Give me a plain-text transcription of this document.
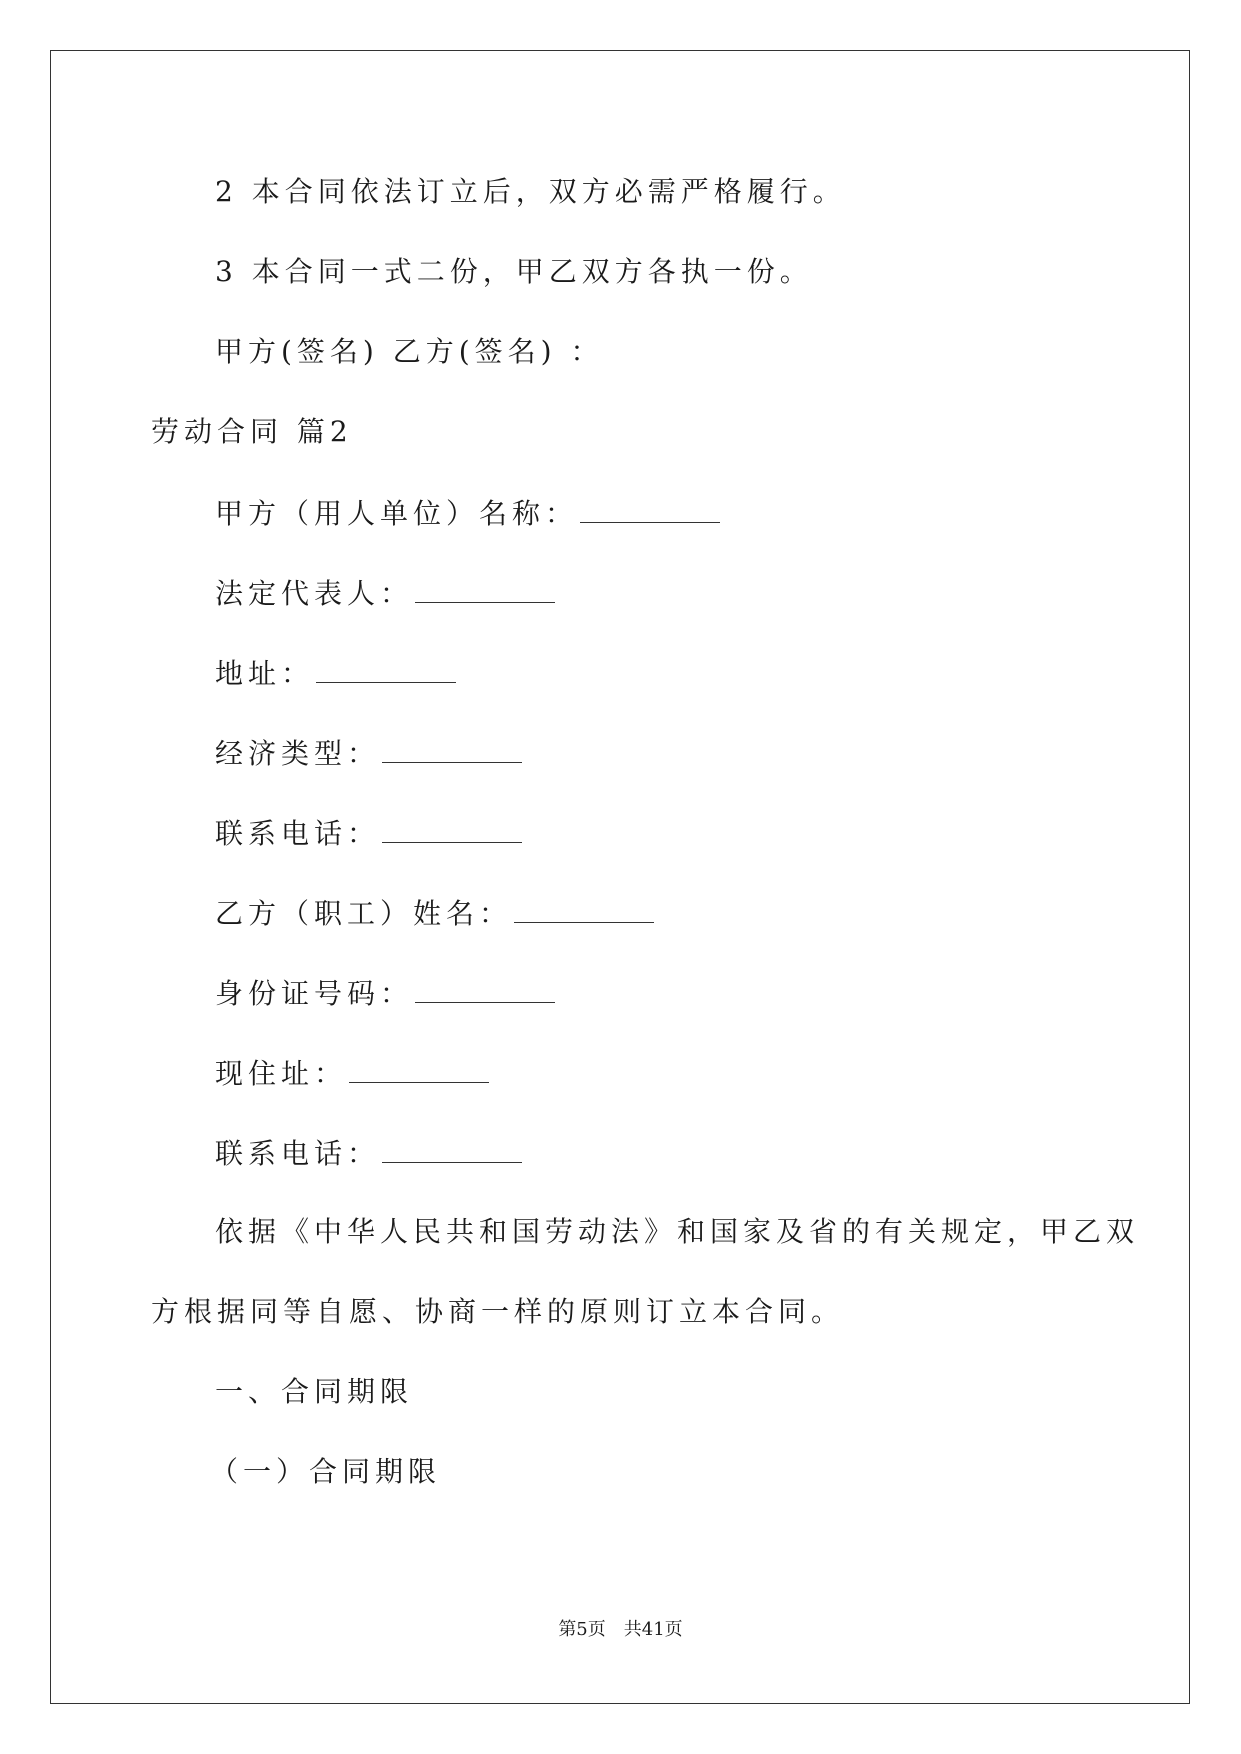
2 本合同依法订立后，双方必需严格履行。
3 本合同一式二份，甲乙双方各执一份。
甲方(签名) 乙方(签名) ：
劳动合同 篇2
甲方（用人单位）名称：
法定代表人：
地址：
经济类型：
联系电话：
乙方（职工）姓名：
身份证号码：
现住址：
联系电话：
依据《中华人民共和国劳动法》和国家及省的有关规定，甲乙双
方根据同等自愿、协商一样的原则订立本合同。
一、合同期限
（一）合同期限
第5页 共41页
